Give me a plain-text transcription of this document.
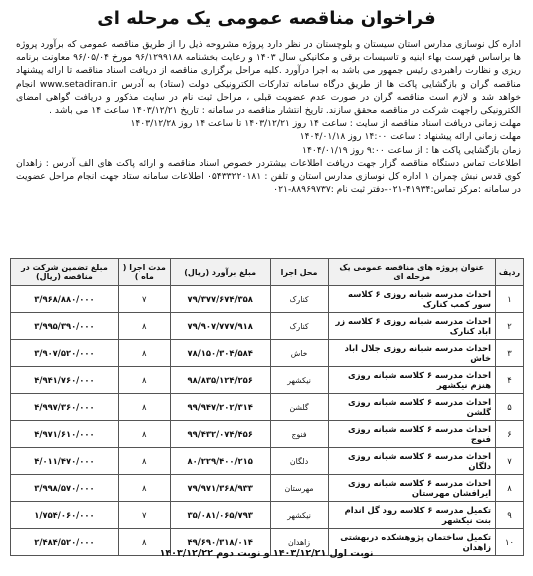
فراخوان مناقصه عمومی یک مرحله ای

اداره کل نوسازی مدارس استان سیستان و بلوچستان در نظر دارد پروژه مشروحه ذیل را از طریق مناقصه عمومی که برآورد پروژه ها براساس فهرست بهاء ابنیه و تاسیسات برقی و مکانیکی سال ۱۴۰۳ و رعایت بخشنامه ۹۶/۱۲۹۹۱۸۸ مورخ ۹۶/۰۵/۰۴ معاونت برنامه ریزی و نظارت راهبردی رئیس جمهور می باشد به اجرا درآورد .کلیه مراحل برگزاری مناقصه از دریافت اسناد مناقصه تا ارائه پیشنهاد مناقصه گران و بازگشایی پاکت ها از طریق درگاه سامانه تدارکات الکترونیکی دولت (ستاد) به آدرس www.setadiran.ir انجام خواهد شد و لازم است مناقصه گران در صورت عدم عضویت قبلی ، مراحل ثبت نام در سایت مذکور و دریافت گواهی امضای الکترونیکی راجهت شرکت در مناقصه محقق سازند. تاریخ انتشار مناقصه در سامانه : تاریخ ۱۴۰۳/۱۲/۲۱ ساعت ۱۴ می باشد .

مهلت زمانی دریافت اسناد مناقصه از سایت : ساعت ۱۴ روز ۱۴۰۳/۱۲/۲۱ تا ساعت ۱۴ روز ۱۴۰۳/۱۲/۲۸

مهلت زمانی ارائه پیشنهاد : ساعت ۱۴:۰۰ روز ۱۴۰۴/۰۱/۱۸

زمان بازگشایی پاکت ها : از ساعت ۹:۰۰ روز ۱۴۰۴/۰۱/۱۹

اطلاعات تماس دستگاه مناقصه گزار جهت دریافت اطلاعات بیشتردر خصوص اسناد مناقصه و ارائه پاکت های الف آدرس : زاهدان کوی قدس نبش چمران ۱ اداره کل نوسازی مدارس استان و تلفن : ۰۵۴۳۳۲۲۰۱۸۱ اطلاعات سامانه ستاد جهت انجام مراحل عضویت در سامانه :مرکز تماس:۴۱۹۳۴-۰۲۱-دفتر ثبت نام :۸۸۹۶۹۷۳۷-۰۲۱

ردیف	عنوان پروژه های مناقصه عمومی یک مرحله ای	محل اجرا	مبلغ برآورد (ریال)	مدت اجرا ( ماه )	مبلغ تضمین شرکت در مناقصه (ریال)
۱	احداث مدرسه شبانه روزی ۶ کلاسه سور کمب کنارک	کنارک	۷۹/۳۷۷/۶۷۴/۳۵۸	۷	۳/۹۶۸/۸۸۰/۰۰۰
۲	احداث مدرسه شبانه روزی ۶ کلاسه زر اباد کنارک	کنارک	۷۹/۹۰۷/۷۷۷/۹۱۸	۸	۳/۹۹۵/۳۹۰/۰۰۰
۳	احداث مدرسه شبانه روزی جلال اباد خاش	خاش	۷۸/۱۵۰/۳۰۴/۵۸۴	۸	۳/۹۰۷/۵۲۰/۰۰۰
۴	احداث مدرسه ۶ کلاسه شبانه روزی هنزم نیکشهر	نیکشهر	۹۸/۸۳۵/۱۲۴/۲۵۶	۸	۴/۹۴۱/۷۶۰/۰۰۰
۵	احداث مدرسه ۶ کلاسه شبانه روزی گلشن	گلشن	۹۹/۹۴۷/۲۰۲/۳۱۴	۸	۴/۹۹۷/۳۶۰/۰۰۰
۶	احداث مدرسه ۶ کلاسه شبانه روزی فنوج	فنوج	۹۹/۴۳۲/۰۷۴/۴۵۶	۸	۴/۹۷۱/۶۱۰/۰۰۰
۷	احداث مدرسه ۶ کلاسه شبانه روزی دلگان	دلگان	۸۰/۲۲۹/۴۰۰/۲۱۵	۸	۴/۰۱۱/۴۷۰/۰۰۰
۸	احداث مدرسه ۶ کلاسه شبانه روزی ایرافشان مهرستان	مهرستان	۷۹/۹۷۱/۳۶۸/۹۳۳	۸	۳/۹۹۸/۵۷۰/۰۰۰
۹	تکمیل مدرسه ۶ کلاسه رود گل اندام بنت نیکشهر	نیکشهر	۳۵/۰۸۱/۰۶۵/۷۹۳	۷	۱/۷۵۴/۰۶۰/۰۰۰
۱۰	تکمیل ساختمان پژوهشکده دربهشتی زاهدان	زاهدان	۴۹/۶۹۰/۳۱۸/۰۱۴	۸	۲/۴۸۴/۵۲۰/۰۰۰

نوبت اول ۱۴۰۳/۱۲/۲۱ و نوبت دوم ۱۴۰۳/۱۲/۲۲
